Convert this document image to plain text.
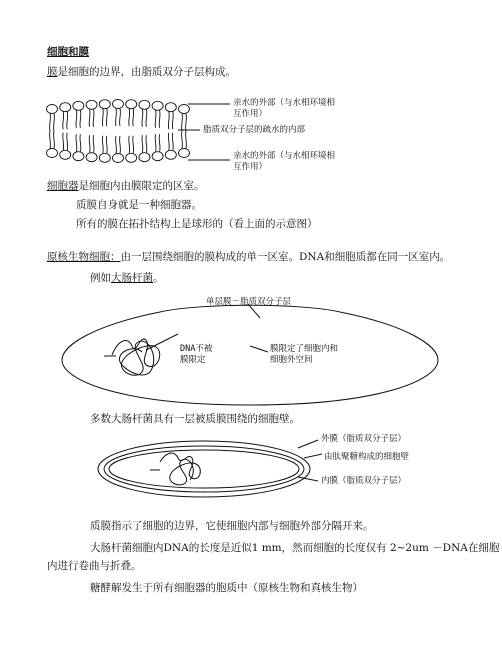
细胞和膜
膜是细胞的边界，由脂质双分子层构成。
亲水的外部（与水相环境相
互作用）
脂质双分子层的疏水的内部
亲水的外部（与水相环境相
互作用）
细胞器是细胞内由膜限定的区室。
质膜自身就是一种细胞器。
所有的膜在拓扑结构上是球形的（看上面的示意图）
原核生物细胞：由一层围绕细胞的膜构成的单一区室。DNA和细胞质都在同一区室内。
例如大肠杆菌。
单层膜－脂质双分子层
DNA不被
膜限定
膜限定了细胞内和
细胞外空间
多数大肠杆菌具有一层被质膜围绕的细胞壁。
外膜（脂质双分子层）
由肽聚糖构成的细胞壁
内膜（脂质双分子层）
质膜指示了细胞的边界，它使细胞内部与细胞外部分隔开来。
大肠杆菌细胞内DNA的长度是近似1 mm，然而细胞的长度仅有 2~2um －DNA在细胞
内进行卷曲与折叠。
糖酵解发生于所有细胞器的胞质中（原核生物和真核生物）
